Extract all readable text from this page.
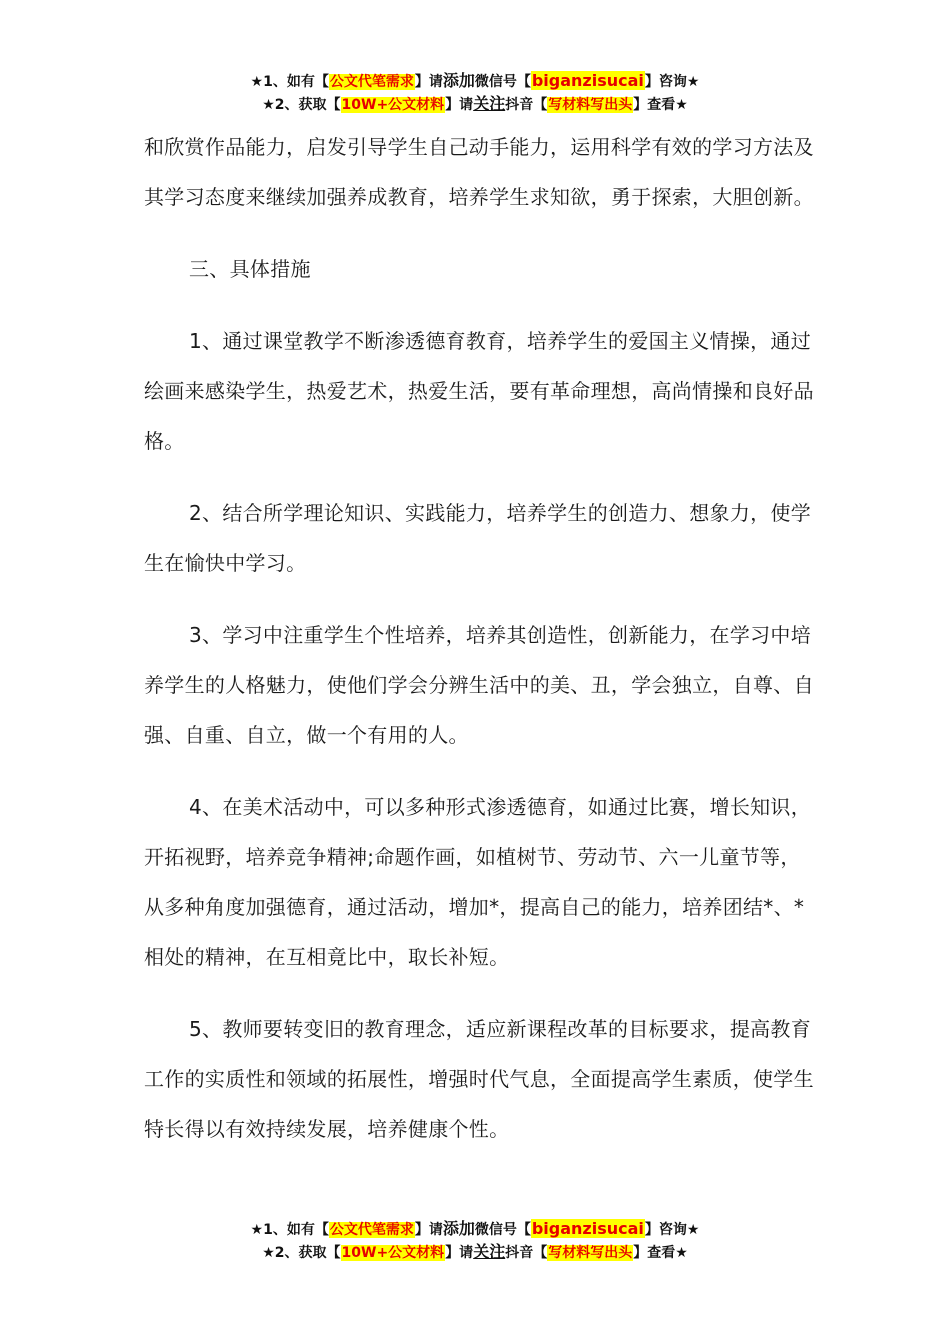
★1、如有【公文代笔需求】请添加微信号【biganzisucai】咨询★
★2、获取【10W+公文材料】请关注抖音【写材料写出头】查看★

和欣赏作品能力，启发引导学生自己动手能力，运用科学有效的学习方法及其学习态度来继续加强养成教育，培养学生求知欲，勇于探索，大胆创新。

三、具体措施

1、通过课堂教学不断渗透德育教育，培养学生的爱国主义情操，通过绘画来感染学生，热爱艺术，热爱生活，要有革命理想，高尚情操和良好品格。

2、结合所学理论知识、实践能力，培养学生的创造力、想象力，使学生在愉快中学习。

3、学习中注重学生个性培养，培养其创造性，创新能力，在学习中培养学生的人格魅力，使他们学会分辨生活中的美、丑，学会独立，自尊、自强、自重、自立，做一个有用的人。

4、在美术活动中，可以多种形式渗透德育，如通过比赛，增长知识，开拓视野，培养竞争精神;命题作画，如植树节、劳动节、六一儿童节等，从多种角度加强德育，通过活动，增加*，提高自己的能力，培养团结*、*相处的精神，在互相竟比中，取长补短。

5、教师要转变旧的教育理念，适应新课程改革的目标要求，提高教育工作的实质性和领域的拓展性，增强时代气息，全面提高学生素质，使学生特长得以有效持续发展，培养健康个性。

★1、如有【公文代笔需求】请添加微信号【biganzisucai】咨询★
★2、获取【10W+公文材料】请关注抖音【写材料写出头】查看★
